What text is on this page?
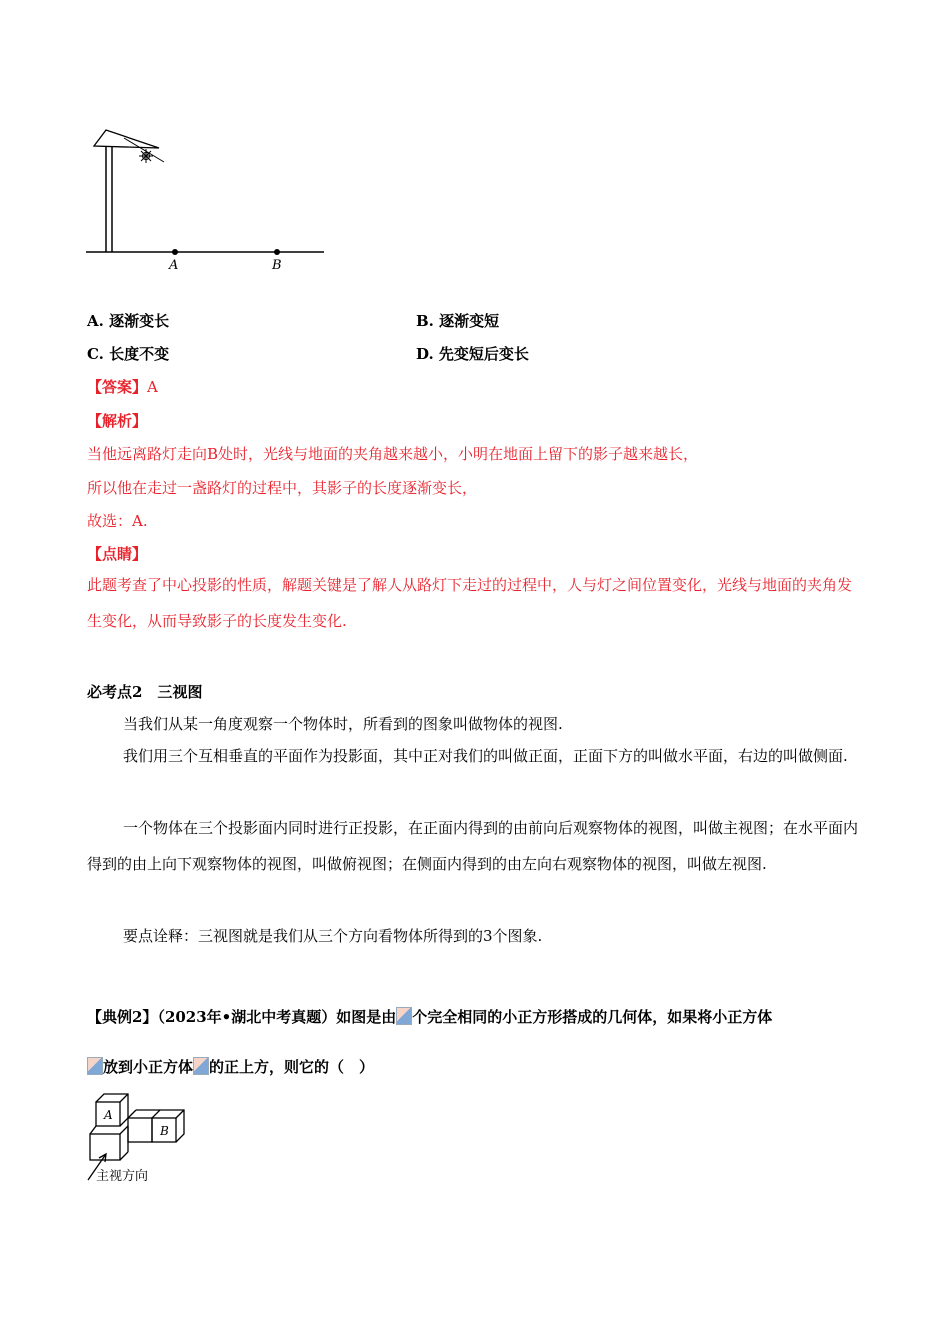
A	B
A. 逐渐变长	B. 逐渐变短
C. 长度不变	D. 先变短后变长
【答案】A
【解析】
当他远离路灯走向B处时，光线与地面的夹角越来越小，小明在地面上留下的影子越来越长，
所以他在走过一盏路灯的过程中，其影子的长度逐渐变长，
故选：A.
【点睛】
此题考查了中心投影的性质，解题关键是了解人从路灯下走过的过程中，人与灯之间位置变化，光线与地面的夹角发生变化，从而导致影子的长度发生变化.
必考点2　三视图
当我们从某一角度观察一个物体时，所看到的图象叫做物体的视图.
我们用三个互相垂直的平面作为投影面，其中正对我们的叫做正面，正面下方的叫做水平面，右边的叫做侧面.
一个物体在三个投影面内同时进行正投影，在正面内得到的由前向后观察物体的视图，叫做主视图；在水平面内得到的由上向下观察物体的视图，叫做俯视图；在侧面内得到的由左向右观察物体的视图，叫做左视图.
要点诠释：三视图就是我们从三个方向看物体所得到的3个图象.
【典例2】（2023年•湖北中考真题）如图是由 个完全相同的小正方形搭成的几何体，如果将小正方体
放到小正方体 的正上方，则它的（　）
A
B
主视方向
